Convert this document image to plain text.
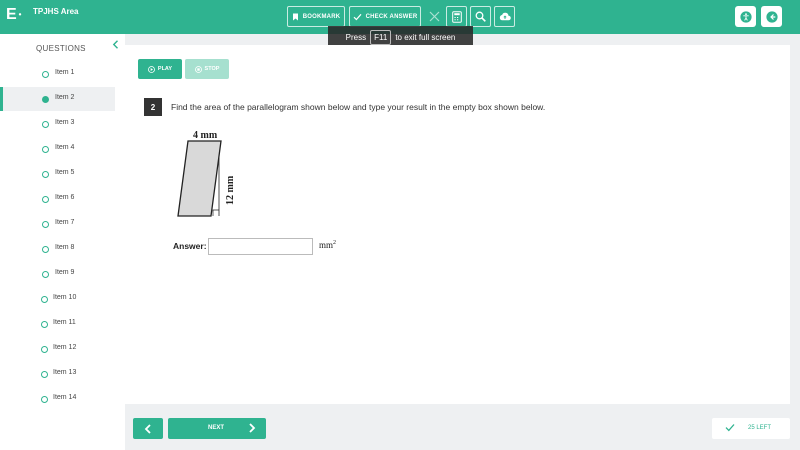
E • TPJHS Area
BOOKMARK	CHECK ANSWER
Press	F11	to exit full screen
QUESTIONS
Item 1
Item 2
Item 3
Item 4
Item 5
Item 6
Item 7
Item 8
Item 9
Item 10
Item 11
Item 12
Item 13
Item 14
PLAY	STOP
2	Find the area of the parallelogram shown below and type your result in the empty box shown below.
4 mm
12 mm
Answer:	$mm^2$
NEXT	25 LEFT
